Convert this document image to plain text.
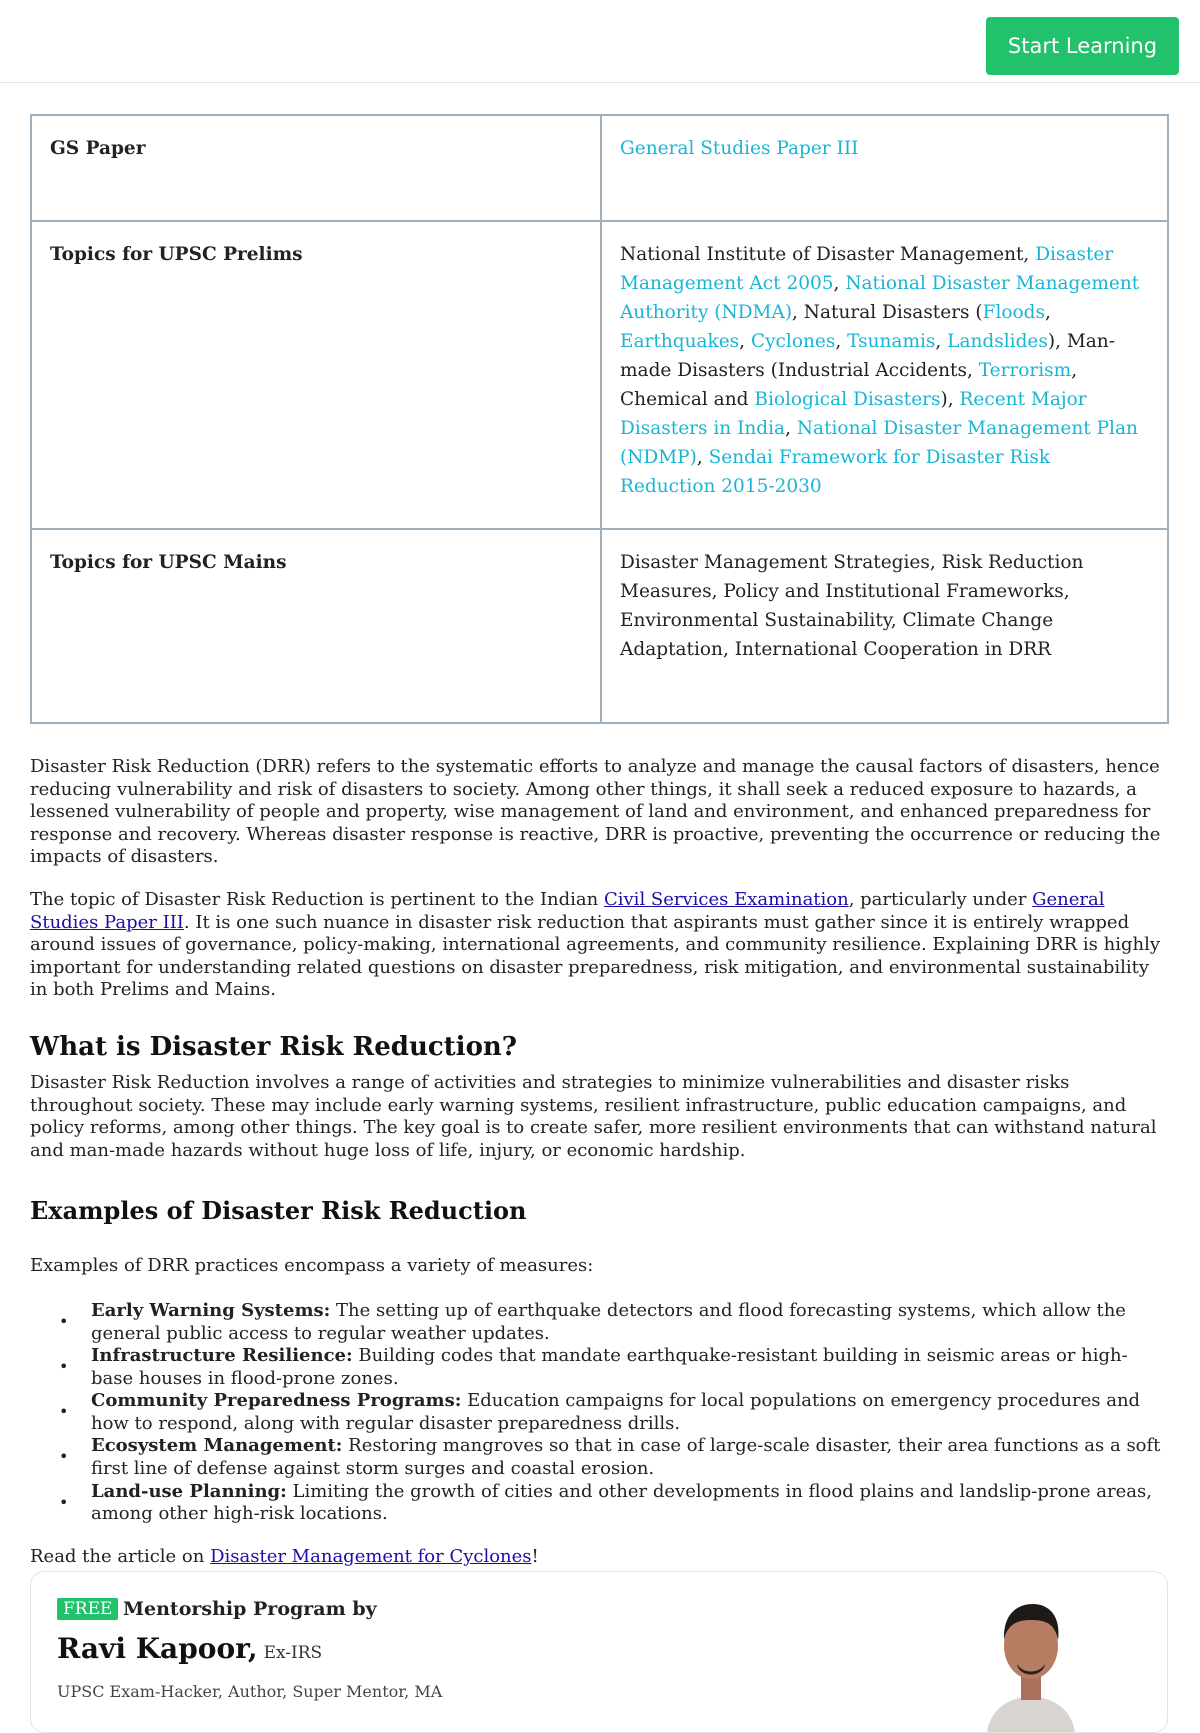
Start Learning
GS Paper	General Studies Paper III
Topics for UPSC Prelims	National Institute of Disaster Management, Disaster Management Act 2005, National Disaster Management Authority (NDMA), Natural Disasters (Floods, Earthquakes, Cyclones, Tsunamis, Landslides), Man-made Disasters (Industrial Accidents, Terrorism, Chemical and Biological Disasters), Recent Major Disasters in India, National Disaster Management Plan (NDMP), Sendai Framework for Disaster Risk Reduction 2015-2030
Topics for UPSC Mains	Disaster Management Strategies, Risk Reduction Measures, Policy and Institutional Frameworks, Environmental Sustainability, Climate Change Adaptation, International Cooperation in DRR

Disaster Risk Reduction (DRR) refers to the systematic efforts to analyze and manage the causal factors of disasters, hence reducing vulnerability and risk of disasters to society. Among other things, it shall seek a reduced exposure to hazards, a lessened vulnerability of people and property, wise management of land and environment, and enhanced preparedness for response and recovery. Whereas disaster response is reactive, DRR is proactive, preventing the occurrence or reducing the impacts of disasters.

The topic of Disaster Risk Reduction is pertinent to the Indian Civil Services Examination, particularly under General Studies Paper III. It is one such nuance in disaster risk reduction that aspirants must gather since it is entirely wrapped around issues of governance, policy-making, international agreements, and community resilience. Explaining DRR is highly important for understanding related questions on disaster preparedness, risk mitigation, and environmental sustainability in both Prelims and Mains.

What is Disaster Risk Reduction?

Disaster Risk Reduction involves a range of activities and strategies to minimize vulnerabilities and disaster risks throughout society. These may include early warning systems, resilient infrastructure, public education campaigns, and policy reforms, among other things. The key goal is to create safer, more resilient environments that can withstand natural and man-made hazards without huge loss of life, injury, or economic hardship.

Examples of Disaster Risk Reduction

Examples of DRR practices encompass a variety of measures:

• Early Warning Systems: The setting up of earthquake detectors and flood forecasting systems, which allow the general public access to regular weather updates.
• Infrastructure Resilience: Building codes that mandate earthquake-resistant building in seismic areas or high-base houses in flood-prone zones.
• Community Preparedness Programs: Education campaigns for local populations on emergency procedures and how to respond, along with regular disaster preparedness drills.
• Ecosystem Management: Restoring mangroves so that in case of large-scale disaster, their area functions as a soft first line of defense against storm surges and coastal erosion.
• Land-use Planning: Limiting the growth of cities and other developments in flood plains and landslip-prone areas, among other high-risk locations.

Read the article on Disaster Management for Cyclones!

FREE Mentorship Program by
Ravi Kapoor, Ex-IRS
UPSC Exam-Hacker, Author, Super Mentor, MA
